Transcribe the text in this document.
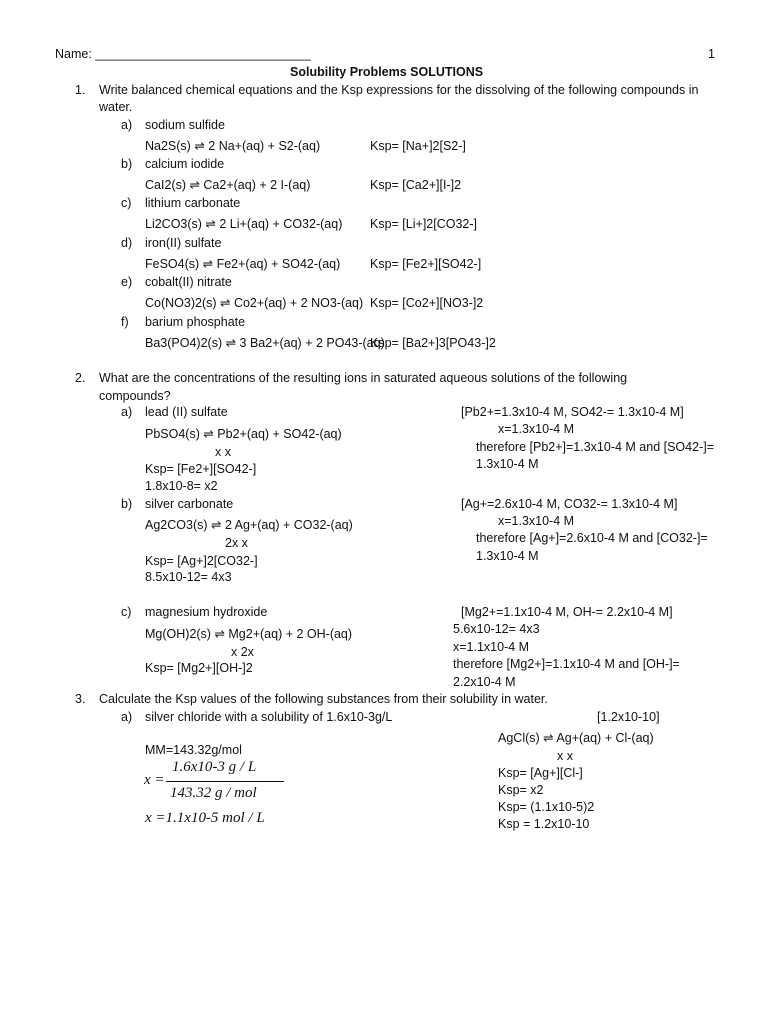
Name: _______________________________	1
Solubility Problems SOLUTIONS
1. Write balanced chemical equations and the Ksp expressions for the dissolving of the following compounds in
water.
a) sodium sulfide
Na2S(s) ⇌ 2 Na+(aq) + S2-(aq)	Ksp= [Na+]2[S2-]
b) calcium iodide
CaI2(s) ⇌ Ca2+(aq) + 2 I-(aq)	Ksp= [Ca2+][I-]2
c) lithium carbonate
Li2CO3(s) ⇌ 2 Li+(aq) + CO32-(aq) Ksp= [Li+]2[CO32-]
d) iron(II) sulfate
FeSO4(s) ⇌ Fe2+(aq) + SO42-(aq) Ksp= [Fe2+][SO42-]
e) cobalt(II) nitrate
Co(NO3)2(s) ⇌ Co2+(aq) + 2 NO3-(aq) Ksp= [Co2+][NO3-]2
f) barium phosphate
Ba3(PO4)2(s) ⇌ 3 Ba2+(aq) + 2 PO43-(aq)
Ksp= [Ba2+]3[PO43-]2
2. What are the concentrations of the resulting ions in saturated aqueous solutions of the following
compounds?
a) lead (II) sulfate
PbSO4(s) ⇌ Pb2+(aq) + SO42-(aq)
x x
Ksp= [Fe2+][SO42-]
1.8x10-8= x2
[Pb2+=1.3x10-4 M, SO42-= 1.3x10-4 M]
x=1.3x10-4 M
therefore [Pb2+]=1.3x10-4 M and [SO42-]=
1.3x10-4 M
b) silver carbonate
Ag2CO3(s) ⇌ 2 Ag+(aq) + CO32-(aq)
2x x
Ksp= [Ag+]2[CO32-]
8.5x10-12= 4x3
[Ag+=2.6x10-4 M, CO32-= 1.3x10-4 M]
x=1.3x10-4 M
therefore [Ag+]=2.6x10-4 M and [CO32-]=
1.3x10-4 M
c) magnesium hydroxide
Mg(OH)2(s) ⇌ Mg2+(aq) + 2 OH-(aq)
x 2x
Ksp= [Mg2+][OH-]2
[Mg2+=1.1x10-4 M, OH-= 2.2x10-4 M]
5.6x10-12= 4x3
x=1.1x10-4 M
therefore [Mg2+]=1.1x10-4 M and [OH-]=
2.2x10-4 M
3. Calculate the Ksp values of the following substances from their solubility in water.
a) silver chloride with a solubility of 1.6x10-3g/L	[1.2x10-10]
MM=143.32g/mol
x =
1.6x10-3 g / L
143.32 g / mol
x =1.1x10-5 mol / L
AgCl(s) ⇌ Ag+(aq) + Cl-(aq)
x x
Ksp= [Ag+][Cl-]
Ksp= x2
Ksp= (1.1x10-5)2
Ksp = 1.2x10-10
